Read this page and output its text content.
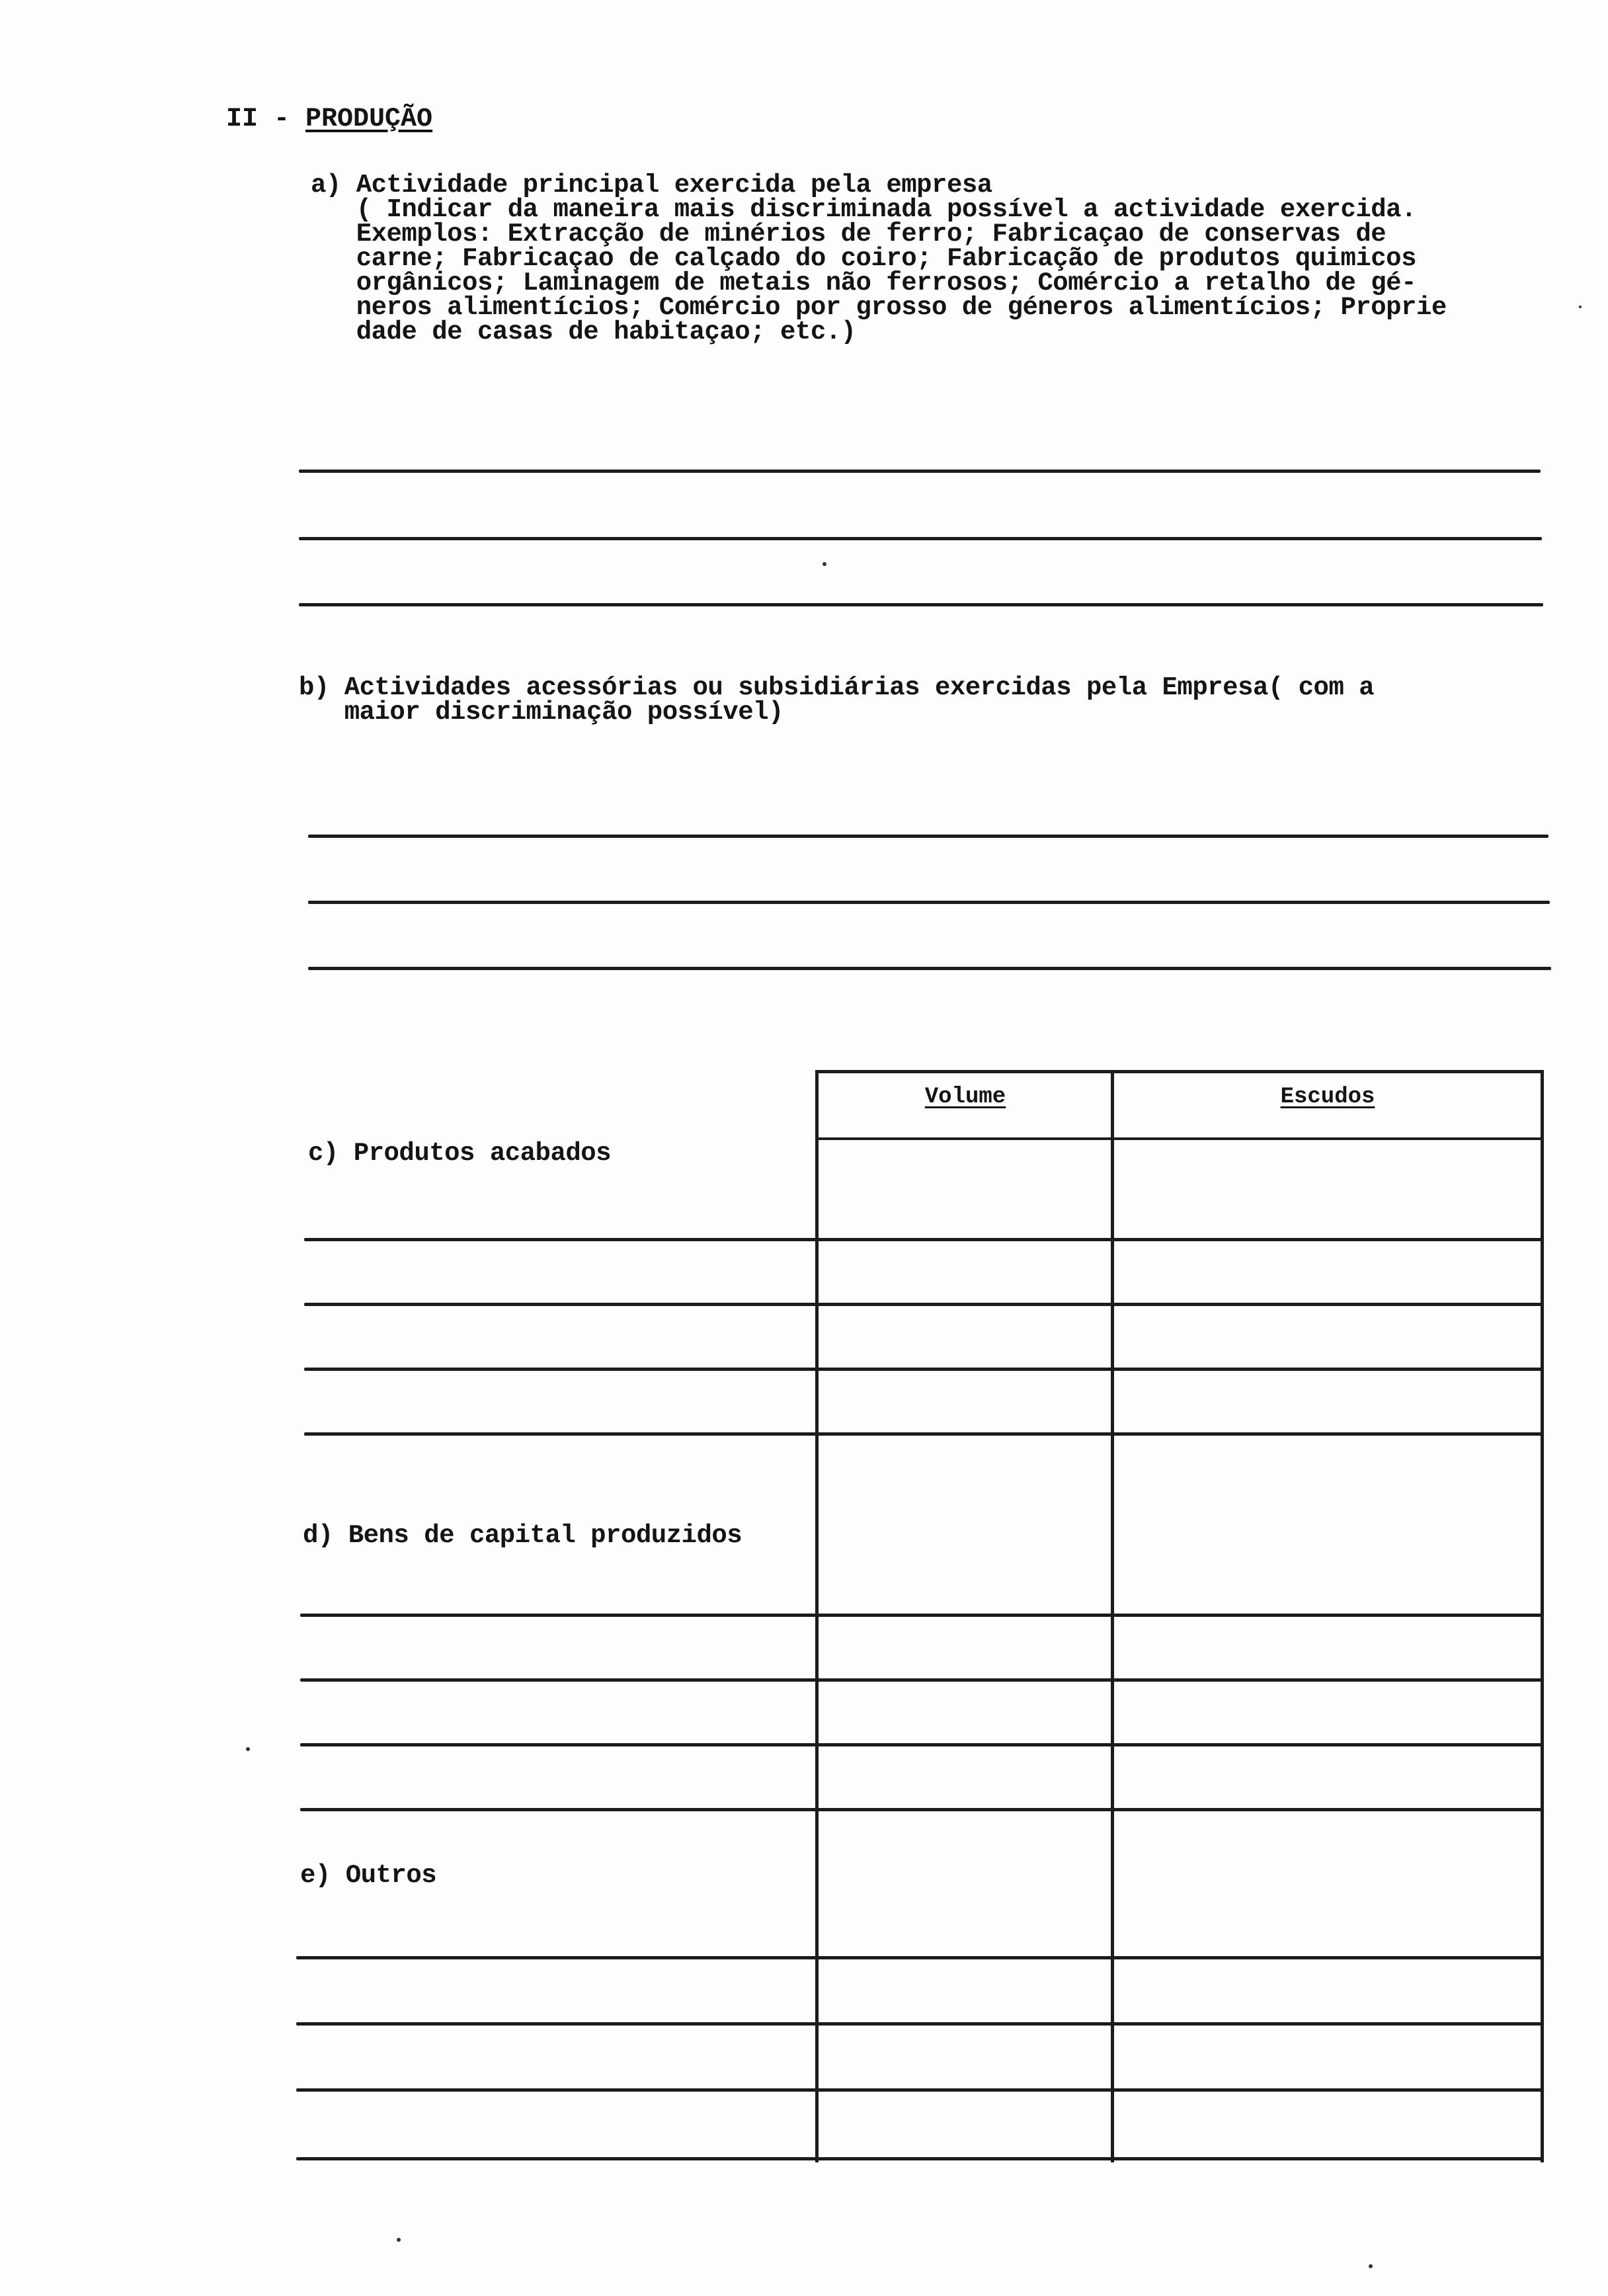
II - PRODUÇÃO
a) Actividade principal exercida pela empresa
( Indicar da maneira mais discriminada possível a actividade exercida.
Exemplos: Extracção de minérios de ferro; Fabricaçao de conservas de
carne; Fabricaçao de calçado do coiro; Fabricação de produtos quimicos
orgânicos; Laminagem de metais não ferrosos; Comércio a retalho de gé-
neros alimentícios; Comércio por grosso de géneros alimentícios; Proprie
dade de casas de habitaçao; etc.)
b) Actividades acessórias ou subsidiárias exercidas pela Empresa( com a
maior discriminação possível)
Volume	Escudos
c) Produtos acabados
d) Bens de capital produzidos
e) Outros
